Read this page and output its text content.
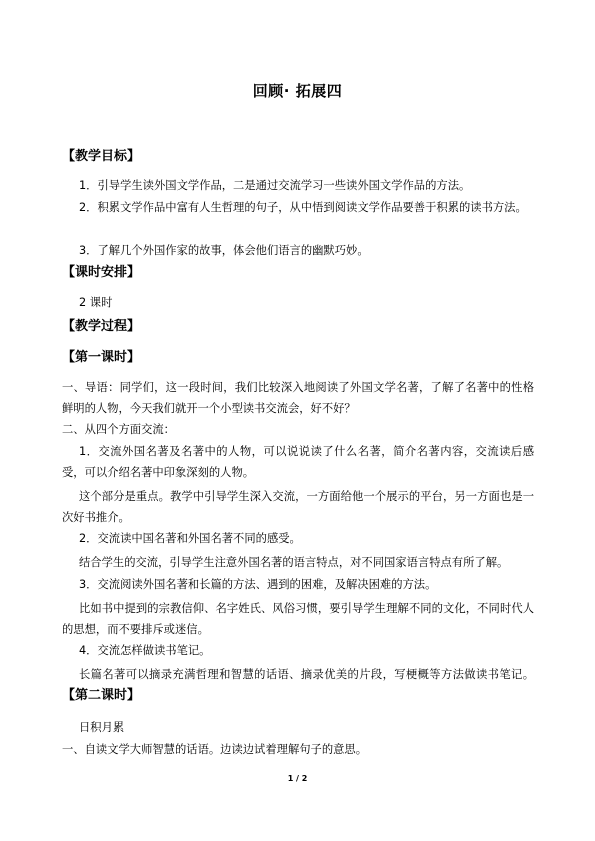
回顾· 拓展四
【教学目标】
1．引导学生读外国文学作品，二是通过交流学习一些读外国文学作品的方法。
2．积累文学作品中富有人生哲理的句子，从中悟到阅读文学作品要善于积累的读书方法。
3．了解几个外国作家的故事，体会他们语言的幽默巧妙。
【课时安排】
2 课时
【教学过程】
【第一课时】
一、导语：同学们，这一段时间，我们比较深入地阅读了外国文学名著，了解了名著中的性格鲜明的人物，今天我们就开一个小型读书交流会，好不好？
二、从四个方面交流：
1．交流外国名著及名著中的人物，可以说说读了什么名著，简介名著内容，交流读后感受，可以介绍名著中印象深刻的人物。
这个部分是重点。教学中引导学生深入交流，一方面给他一个展示的平台，另一方面也是一次好书推介。
2．交流读中国名著和外国名著不同的感受。
结合学生的交流，引导学生注意外国名著的语言特点，对不同国家语言特点有所了解。
3．交流阅读外国名著和长篇的方法、遇到的困难，及解决困难的方法。
比如书中提到的宗教信仰、名字姓氏、风俗习惯，要引导学生理解不同的文化，不同时代人的思想，而不要排斥或迷信。
4．交流怎样做读书笔记。
长篇名著可以摘录充满哲理和智慧的话语、摘录优美的片段，写梗概等方法做读书笔记。【第二课时】
日积月累
一、自读文学大师智慧的话语。边读边试着理解句子的意思。
1 / 2
